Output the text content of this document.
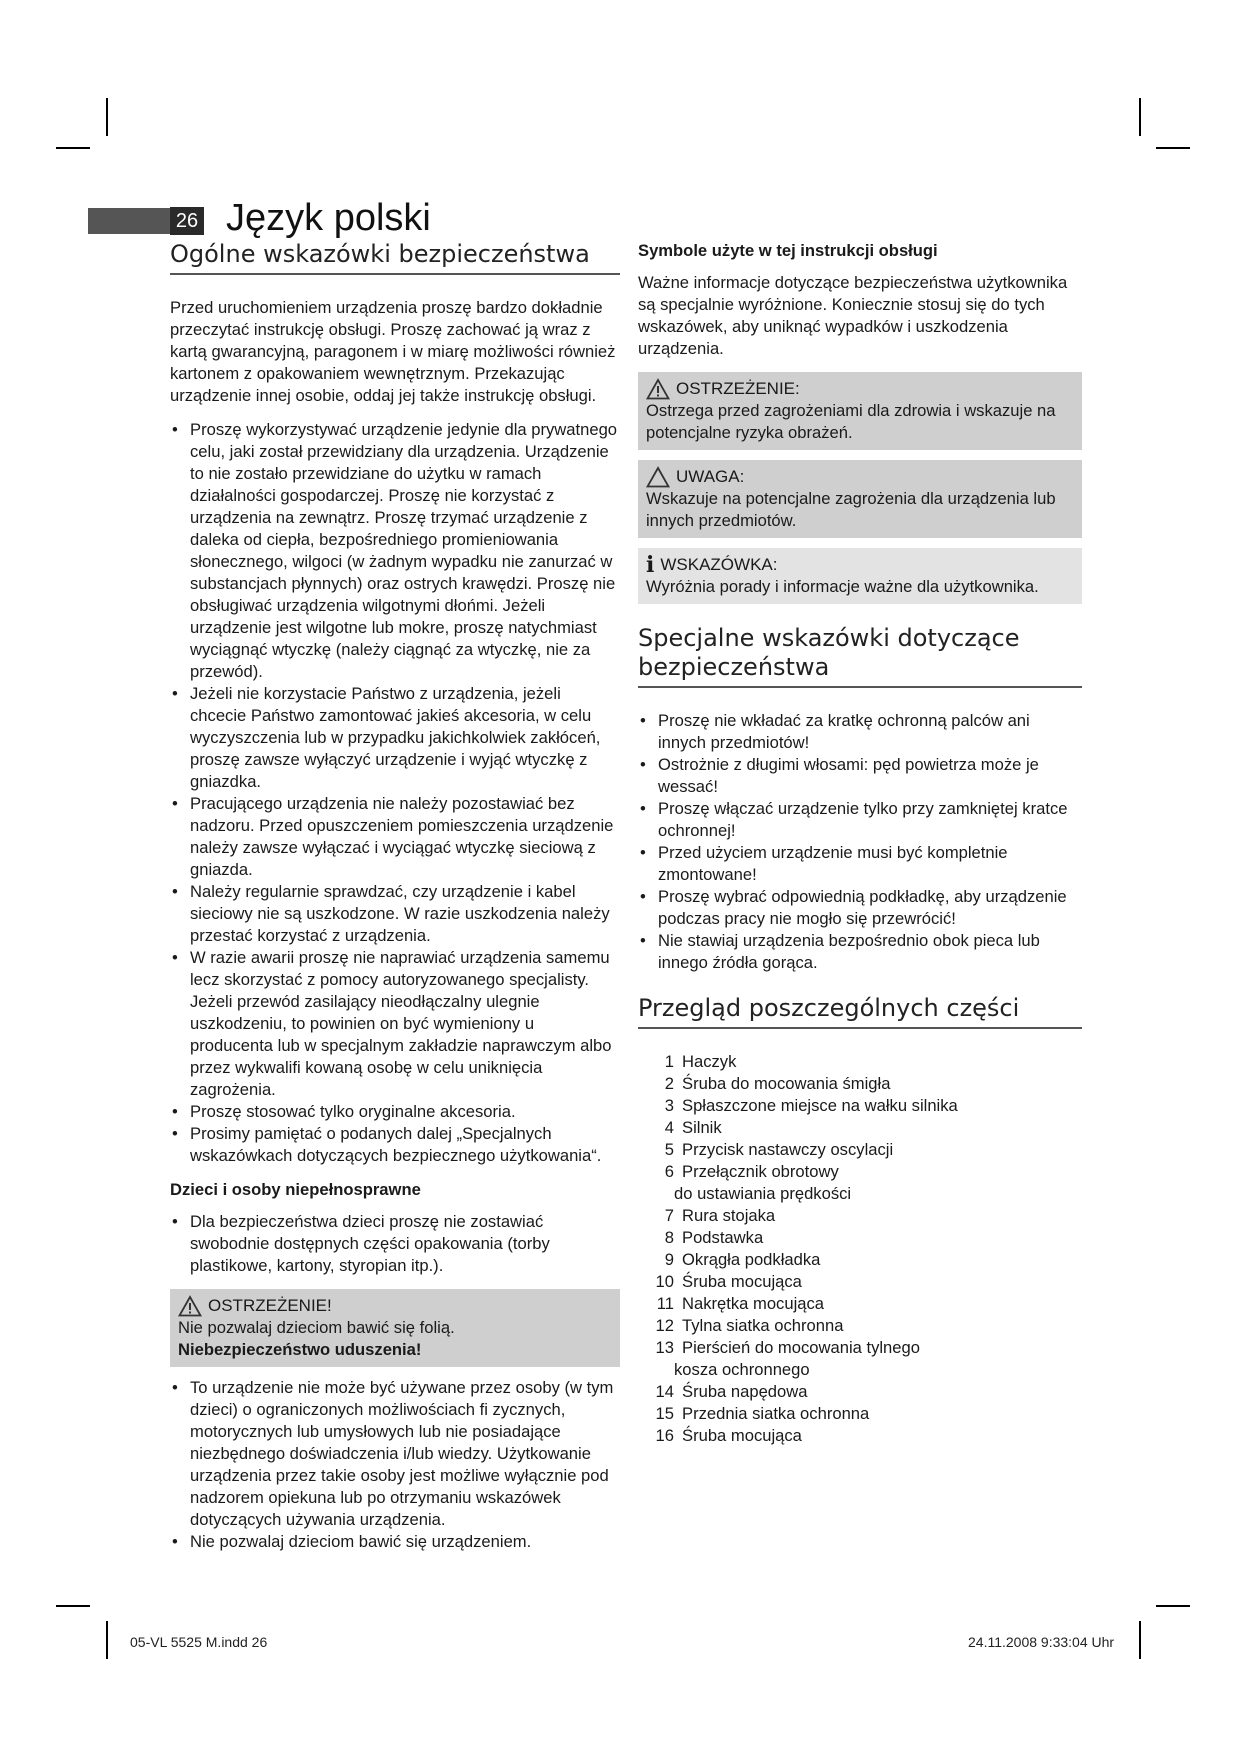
26 Język polski
Ogólne wskazówki bezpieczeństwa

Przed uruchomieniem urządzenia proszę bardzo dokładnie przeczytać instrukcję obsługi. Proszę zachować ją wraz z kartą gwarancyjną, paragonem i w miarę możliwości również kartonem z opakowaniem wewnętrznym. Przekazując urządzenie innej osobie, oddaj jej także instrukcję obsługi.

• Proszę wykorzystywać urządzenie jedynie dla prywatnego celu, jaki został przewidziany dla urządzenia. Urządzenie to nie zostało przewidziane do użytku w ramach działalności gospodarczej. Proszę nie korzystać z urządzenia na zewnątrz. Proszę trzymać urządzenie z daleka od ciepła, bezpośredniego promieniowania słonecznego, wilgoci (w żadnym wypadku nie zanurzać w substancjach płynnych) oraz ostrych krawędzi. Proszę nie obsługiwać urządzenia wilgotnymi dłońmi. Jeżeli urządzenie jest wilgotne lub mokre, proszę natychmiast wyciągnąć wtyczkę (należy ciągnąć za wtyczkę, nie za przewód).
• Jeżeli nie korzystacie Państwo z urządzenia, jeżeli chcecie Państwo zamontować jakieś akcesoria, w celu wyczyszczenia lub w przypadku jakichkolwiek zakłóceń, proszę zawsze wyłączyć urządzenie i wyjąć wtyczkę z gniazdka.
• Pracującego urządzenia nie należy pozostawiać bez nadzoru. Przed opuszczeniem pomieszczenia urządzenie należy zawsze wyłączać i wyciągać wtyczkę sieciową z gniazda.
• Należy regularnie sprawdzać, czy urządzenie i kabel sieciowy nie są uszkodzone. W razie uszkodzenia należy przestać korzystać z urządzenia.
• W razie awarii proszę nie naprawiać urządzenia samemu lecz skorzystać z pomocy autoryzowanego specjalisty. Jeżeli przewód zasilający nieodłączalny ulegnie uszkodzeniu, to powinien on być wymieniony u producenta lub w specjalnym zakładzie naprawczym albo przez wykwalifi kowaną osobę w celu uniknięcia zagrożenia.
• Proszę stosować tylko oryginalne akcesoria.
• Prosimy pamiętać o podanych dalej „Specjalnych wskazówkach dotyczących bezpiecznego użytkowania“.
Dzieci i osoby niepełnosprawne
• Dla bezpieczeństwa dzieci proszę nie zostawiać swobodnie dostępnych części opakowania (torby plastikowe, kartony, styropian itp.).
OSTRZEŻENIE!
Nie pozwalaj dzieciom bawić się folią.
Niebezpieczeństwo uduszenia!
• To urządzenie nie może być używane przez osoby (w tym dzieci) o ograniczonych możliwościach fi zycznych, motorycznych lub umysłowych lub nie posiadające niezbędnego doświadczenia i/lub wiedzy. Użytkowanie urządzenia przez takie osoby jest możliwe wyłącznie pod nadzorem opiekuna lub po otrzymaniu wskazówek dotyczących używania urządzenia.
• Nie pozwalaj dzieciom bawić się urządzeniem.
Symbole użyte w tej instrukcji obsługi

Ważne informacje dotyczące bezpieczeństwa użytkownika są specjalnie wyróżnione. Koniecznie stosuj się do tych wskazówek, aby uniknąć wypadków i uszkodzenia urządzenia.

OSTRZEŻENIE:
Ostrzega przed zagrożeniami dla zdrowia i wskazuje na potencjalne ryzyka obrażeń.
UWAGA:
Wskazuje na potencjalne zagrożenia dla urządzenia lub innych przedmiotów.
i WSKAZÓWKA:
Wyróżnia porady i informacje ważne dla użytkownika.
Specjalne wskazówki dotyczące bezpieczeństwa
• Proszę nie wkładać za kratkę ochronną palców ani innych przedmiotów!
• Ostrożnie z długimi włosami: pęd powietrza może je wessać!
• Proszę włączać urządzenie tylko przy zamkniętej kratce ochronnej!
• Przed użyciem urządzenie musi być kompletnie zmontowane!
• Proszę wybrać odpowiednią podkładkę, aby urządzenie podczas pracy nie mogło się przewrócić!
• Nie stawiaj urządzenia bezpośrednio obok pieca lub innego źródła gorąca.
Przegląd poszczególnych części
1 Haczyk
2 Śruba do mocowania śmigła
3 Spłaszczone miejsce na wałku silnika
4 Silnik
5 Przycisk nastawczy oscylacji
6 Przełącznik obrotowy
do ustawiania prędkości
7 Rura stojaka
8 Podstawka
9 Okrągła podkładka
10 Śruba mocująca
11 Nakrętka mocująca
12 Tylna siatka ochronna
13 Pierścień do mocowania tylnego
kosza ochronnego
14 Śruba napędowa
15 Przednia siatka ochronna
16 Śruba mocująca
05-VL 5525 M.indd 26	24.11.2008 9:33:04 Uhr
